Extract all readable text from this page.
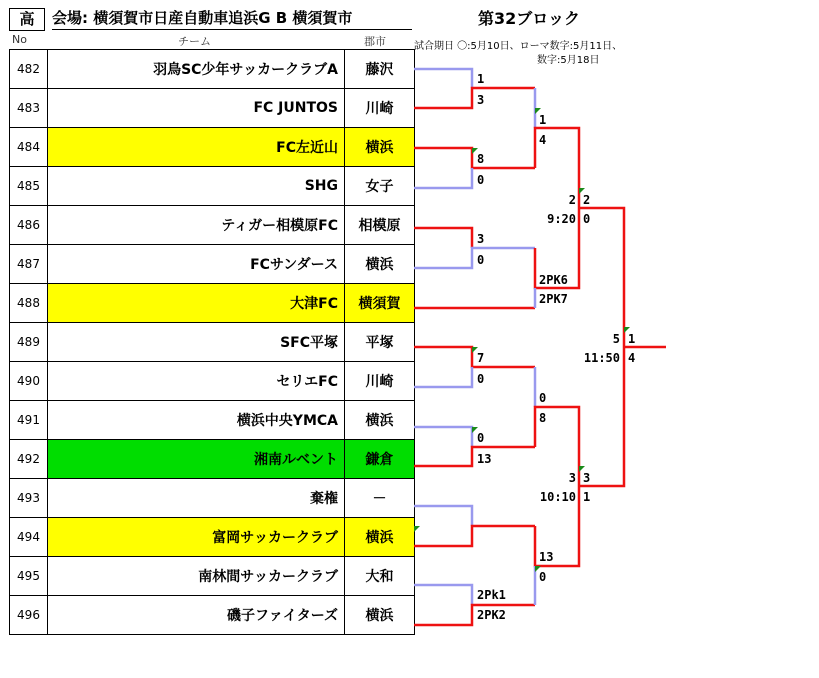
高	会場: 横須賀市日産自動車追浜G B 横須賀市	第32ブロック
試合期日 〇:5月10日、ローマ数字:5月11日、
数字:5月18日
No	チーム	郡市
482	羽鳥SC少年サッカークラブA	藤沢
483	FC JUNTOS	川崎
484	FC左近山	横浜
485	SHG	女子
486	ティガー相模原FC	相模原
487	FCサンダース	横浜
488	大津FC	横須賀
489	SFC平塚	平塚
490	セリエFC	川崎
491	横浜中央YMCA	横浜
492	湘南ルベント	鎌倉
493	棄権	－
494	富岡サッカークラブ	横浜
495	南林間サッカークラブ	大和
496	磯子ファイターズ	横浜
1
3
8
0
3
0
7
0
0
13
2Pk1
2PK2
1
4
2PK6
2PK7
0
8
13
0
2
9:20
2
0
3
10:10
3
1
5
11:50
1
4
